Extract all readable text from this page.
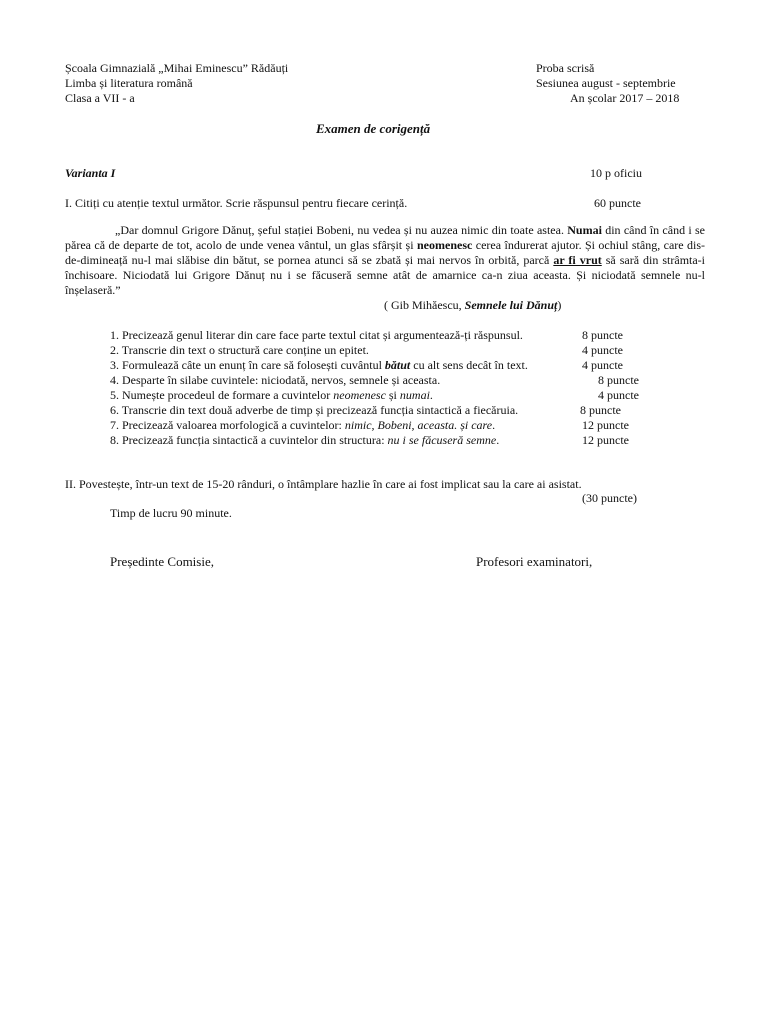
Școala Gimnazială „Mihai Eminescu” Rădăuți
Limba și literatura română
Clasa a VII - a
Proba scrisă
Sesiunea august - septembrie
An școlar 2017 – 2018
Examen de corigență
Varianta I	10 p oficiu
I. Citiți cu atenție textul următor. Scrie răspunsul pentru fiecare cerință.	60 puncte
„Dar domnul Grigore Dănuț, șeful stației Bobeni, nu vedea și nu auzea nimic din toate astea. Numai din când în când i se părea că de departe de tot, acolo de unde venea vântul, un glas sfârșit și neomenesc cerea îndurerat ajutor. Și ochiul stâng, care dis-de-dimineață nu-l mai slăbise din bătut, se pornea atunci să se zbată și mai nervos în orbită, parcă ar fi vrut să sară din strâmta-i închisoare. Niciodată lui Grigore Dănuț nu i se făcuseră semne atât de amarnice ca-n ziua aceasta. Și niciodată semnele nu-l înșelaseră.”
( Gib Mihăescu, Semnele lui Dănuț)
1. Precizează genul literar din care face parte textul citat și argumentează-ți răspunsul.	8 puncte
2. Transcrie din text o structură care conține un epitet.	4 puncte
3. Formulează câte un enunț în care să folosești cuvântul bătut cu alt sens decât în text.	4 puncte
4. Desparte în silabe cuvintele: niciodată, nervos, semnele și aceasta.	8 puncte
5. Numește procedeul de formare a cuvintelor neomenesc și numai.	4 puncte
6. Transcrie din text două adverbe de timp și precizează funcția sintactică a fiecăruia.	8 puncte
7. Precizează valoarea morfologică a cuvintelor: nimic, Bobeni, aceasta. și care.	12 puncte
8. Precizează funcția sintactică a cuvintelor din structura: nu i se făcuseră semne.	12 puncte
II. Povestește, într-un text de 15-20 rânduri, o întâmplare hazlie în care ai fost implicat sau la care ai asistat.
(30 puncte)
Timp de lucru 90 minute.
Președinte Comisie,	Profesori examinatori,
